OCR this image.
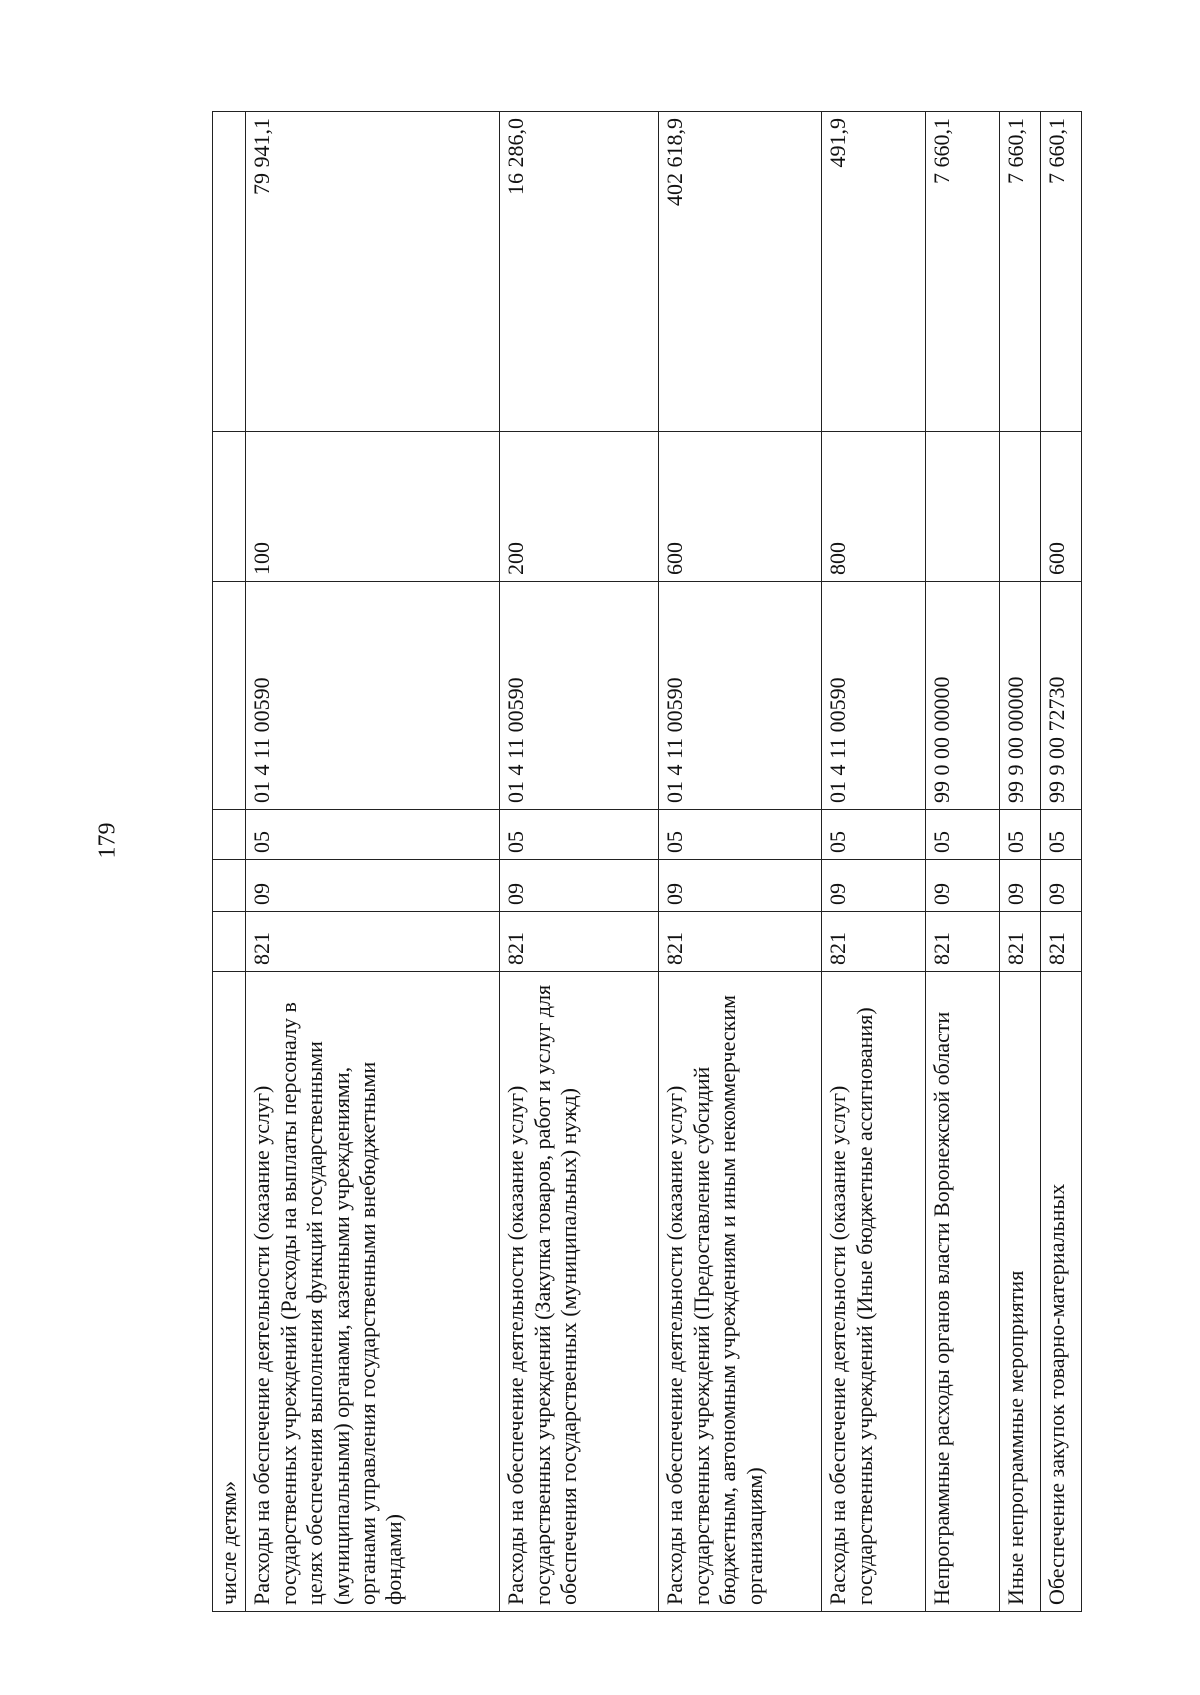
179
числе детям»						
Расходы на обеспечение деятельности (оказание услуг) государственных учреждений (Расходы на выплаты персоналу в целях обеспечения выполнения функций государственными (муниципальными) органами, казенными учреждениями, органами управления государственными внебюджетными фондами)	821	09	05	01 4 11 00590	100	79 941,1
Расходы на обеспечение деятельности (оказание услуг) государственных учреждений (Закупка товаров, работ и услуг для обеспечения государственных (муниципальных) нужд)	821	09	05	01 4 11 00590	200	16 286,0
Расходы на обеспечение деятельности (оказание услуг) государственных учреждений (Предоставление субсидий бюджетным, автономным учреждениям и иным некоммерческим организациям)	821	09	05	01 4 11 00590	600	402 618,9
Расходы на обеспечение деятельности (оказание услуг) государственных учреждений (Иные бюджетные ассигнования)	821	09	05	01 4 11 00590	800	491,9
Непрограммные расходы органов власти Воронежской области	821	09	05	99 0 00 00000		7 660,1
Иные непрограммные мероприятия	821	09	05	99 9 00 00000		7 660,1
Обеспечение закупок товарно-материальных	821	09	05	99 9 00 72730	600	7 660,1
